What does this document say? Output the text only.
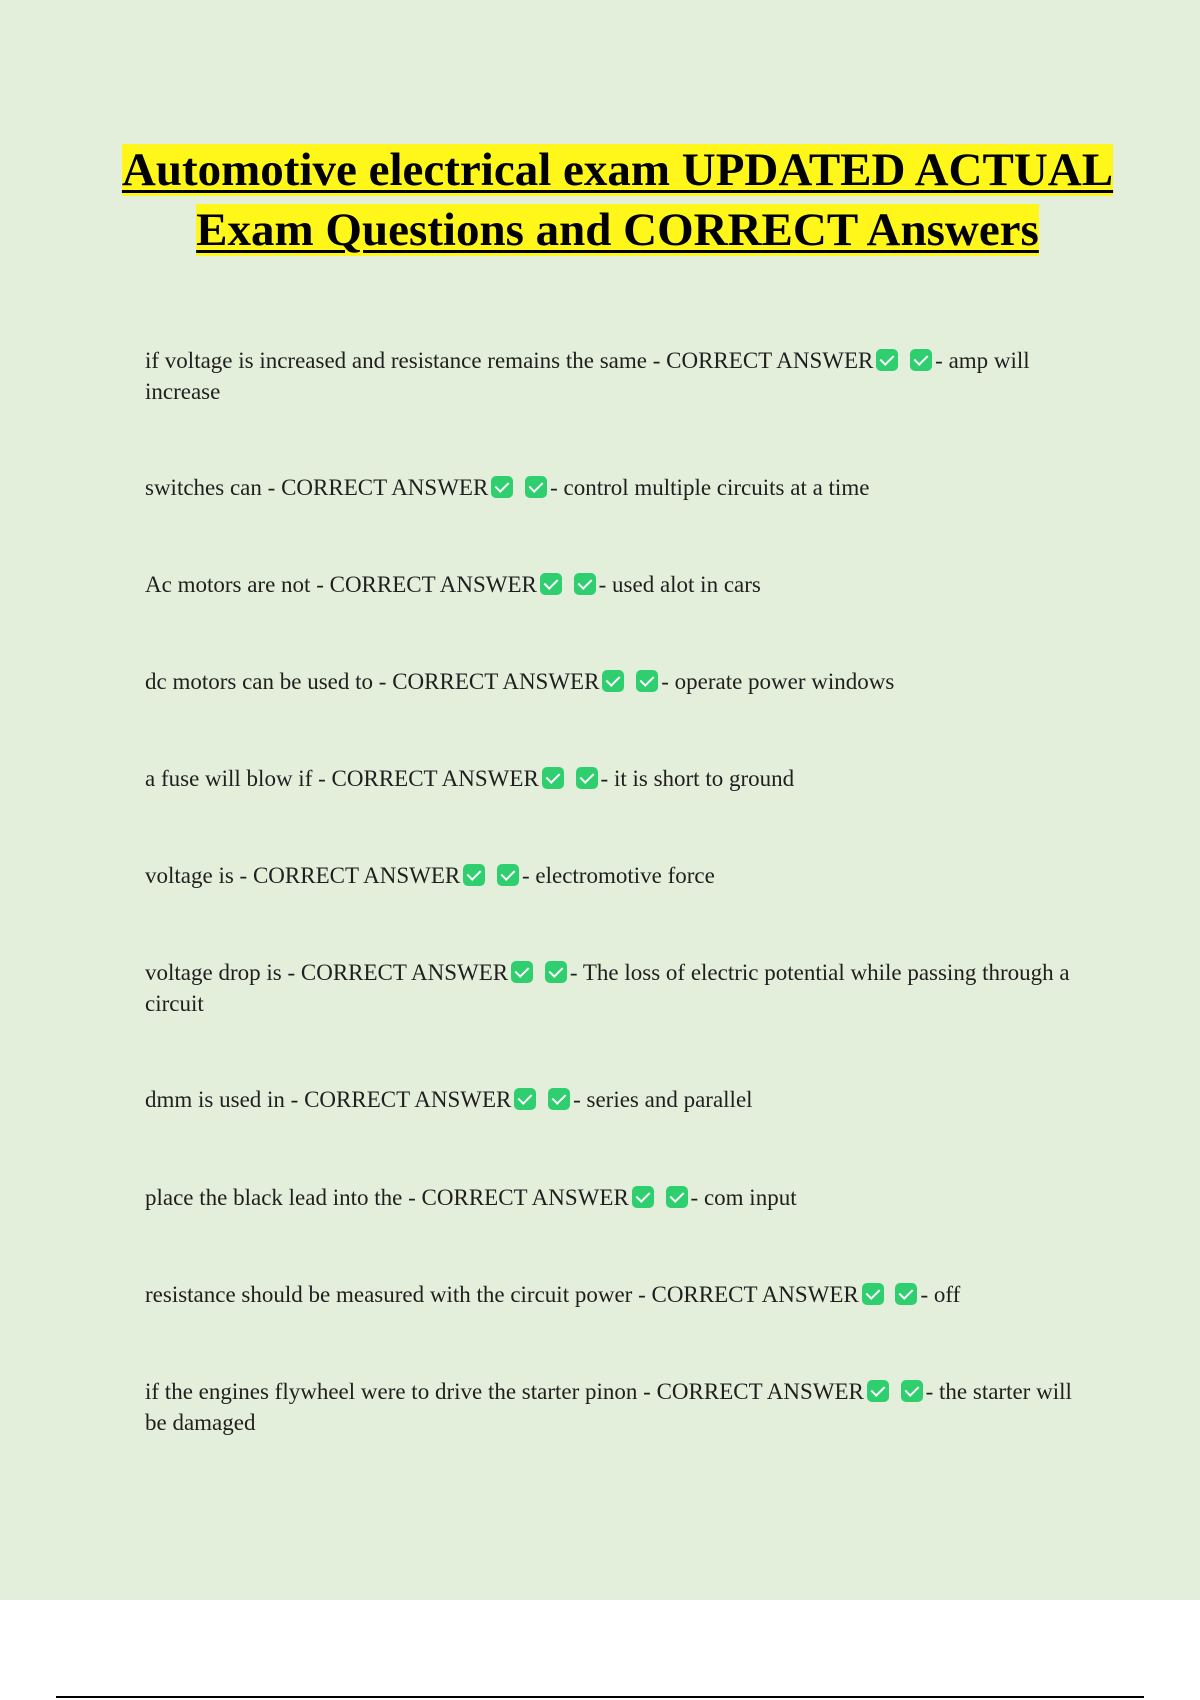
Automotive electrical exam UPDATED ACTUAL Exam Questions and CORRECT Answers

if voltage is increased and resistance remains the same - CORRECT ANSWER	- amp will increase

switches can - CORRECT ANSWER	- control multiple circuits at a time

Ac motors are not - CORRECT ANSWER	- used alot in cars

dc motors can be used to - CORRECT ANSWER	- operate power windows

a fuse will blow if - CORRECT ANSWER	- it is short to ground

voltage is - CORRECT ANSWER	- electromotive force

voltage drop is - CORRECT ANSWER	- The loss of electric potential while passing through a circuit

dmm is used in - CORRECT ANSWER	- series and parallel

place the black lead into the - CORRECT ANSWER	- com input

resistance should be measured with the circuit power - CORRECT ANSWER	- off

if the engines flywheel were to drive the starter pinon - CORRECT ANSWER	- the starter will be damaged
